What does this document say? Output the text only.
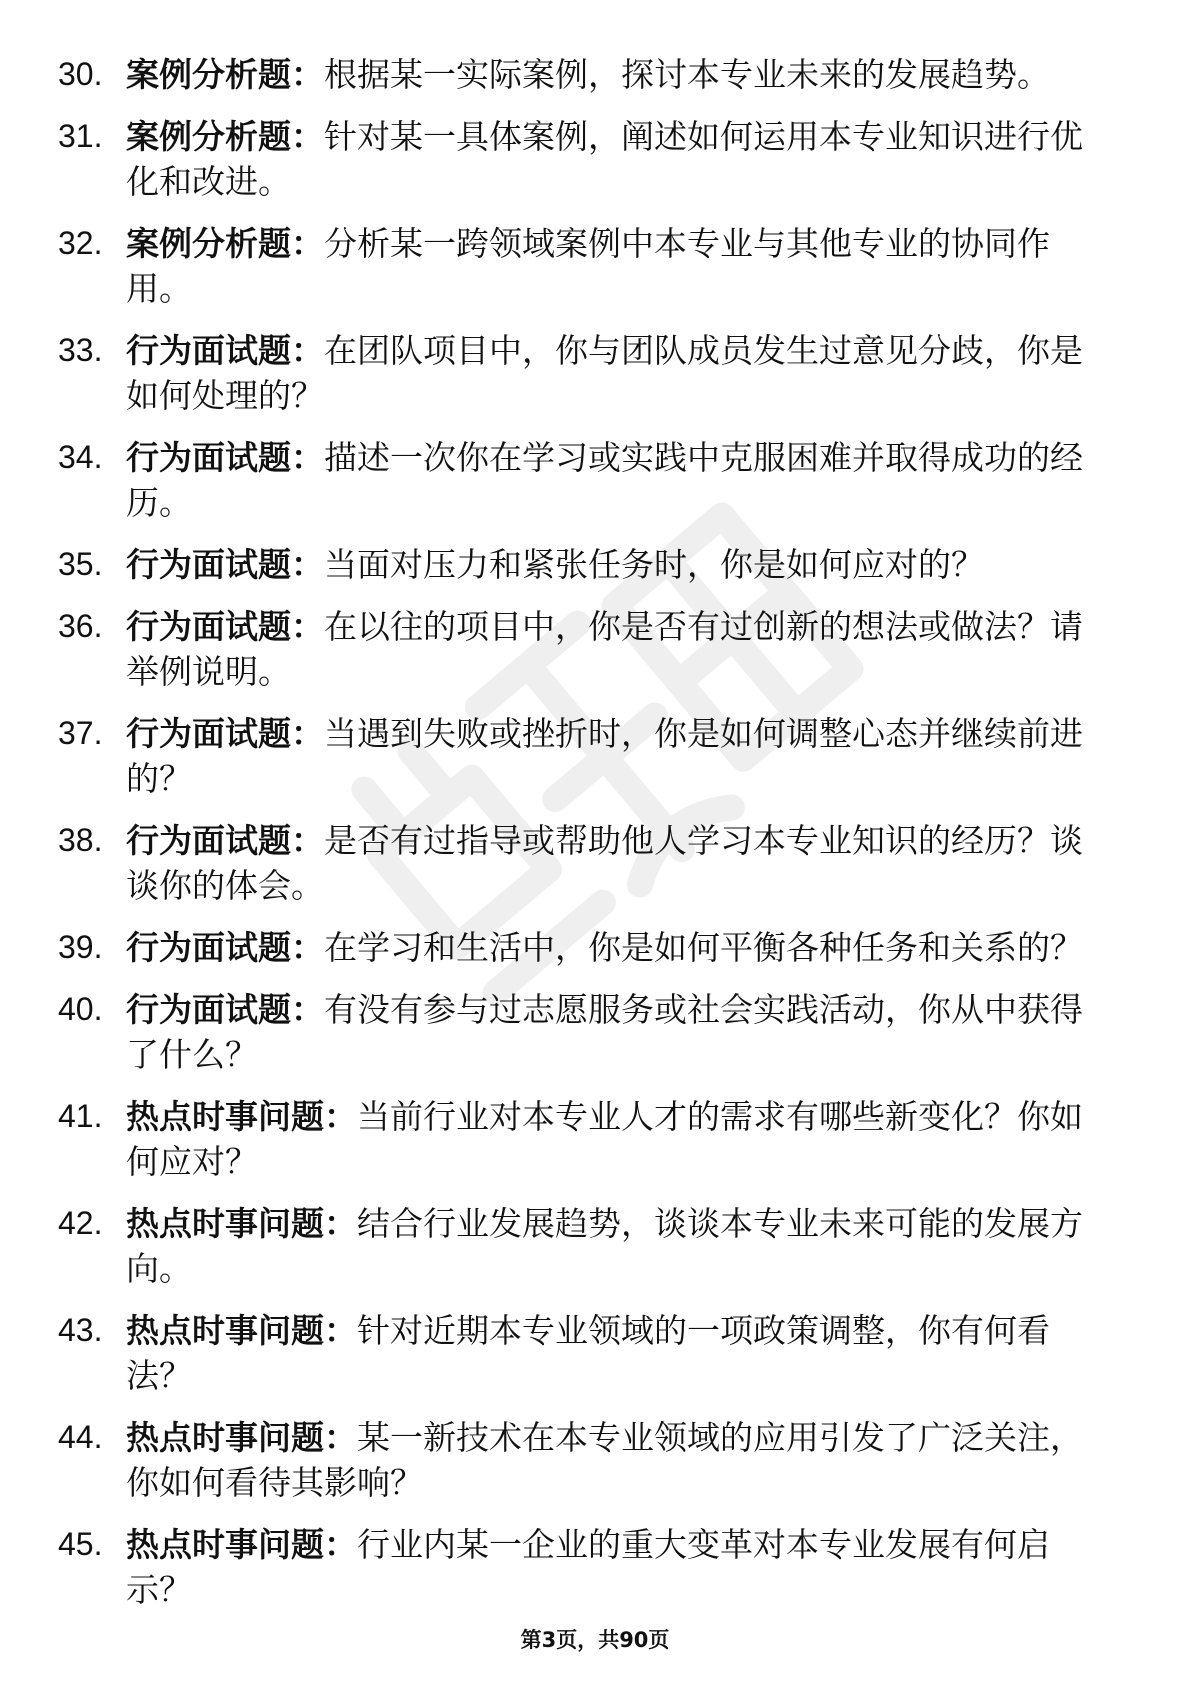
30. 案例分析题：根据某一实际案例，探讨本专业未来的发展趋势。
31. 案例分析题：针对某一具体案例，阐述如何运用本专业知识进行优化和改进。
32. 案例分析题：分析某一跨领域案例中本专业与其他专业的协同作用。
33. 行为面试题：在团队项目中，你与团队成员发生过意见分歧，你是如何处理的？
34. 行为面试题：描述一次你在学习或实践中克服困难并取得成功的经历。
35. 行为面试题：当面对压力和紧张任务时，你是如何应对的？
36. 行为面试题：在以往的项目中，你是否有过创新的想法或做法？请举例说明。
37. 行为面试题：当遇到失败或挫折时，你是如何调整心态并继续前进的？
38. 行为面试题：是否有过指导或帮助他人学习本专业知识的经历？谈谈你的体会。
39. 行为面试题：在学习和生活中，你是如何平衡各种任务和关系的？
40. 行为面试题：有没有参与过志愿服务或社会实践活动，你从中获得了什么？
41. 热点时事问题：当前行业对本专业人才的需求有哪些新变化？你如何应对？
42. 热点时事问题：结合行业发展趋势，谈谈本专业未来可能的发展方向。
43. 热点时事问题：针对近期本专业领域的一项政策调整，你有何看法？
44. 热点时事问题：某一新技术在本专业领域的应用引发了广泛关注，你如何看待其影响？
45. 热点时事问题：行业内某一企业的重大变革对本专业发展有何启示？
第3页，共90页
